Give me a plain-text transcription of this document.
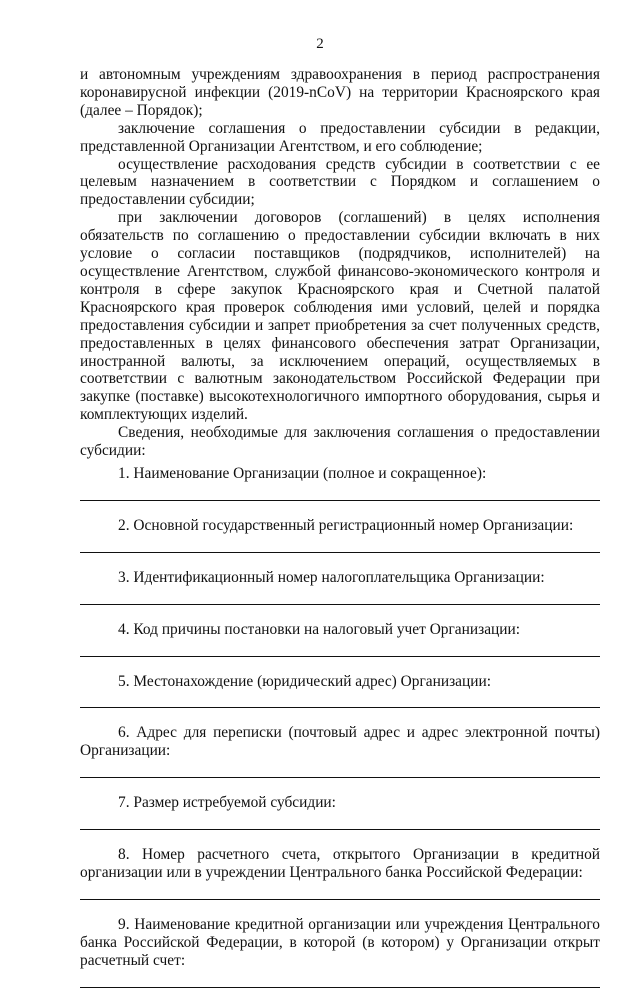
2

и автономным учреждениям здравоохранения в период распространения коронавирусной инфекции (2019-nCoV) на территории Красноярского края (далее – Порядок);

заключение соглашения о предоставлении субсидии в редакции, представленной Организации Агентством, и его соблюдение;

осуществление расходования средств субсидии в соответствии с ее целевым назначением в соответствии с Порядком и соглашением о предоставлении субсидии;

при заключении договоров (соглашений) в целях исполнения обязательств по соглашению о предоставлении субсидии включать в них условие о согласии поставщиков (подрядчиков, исполнителей) на осуществление Агентством, службой финансово-экономического контроля и контроля в сфере закупок Красноярского края и Счетной палатой Красноярского края проверок соблюдения ими условий, целей и порядка предоставления субсидии и запрет приобретения за счет полученных средств, предоставленных в целях финансового обеспечения затрат Организации, иностранной валюты, за исключением операций, осуществляемых в соответствии с валютным законодательством Российской Федерации при закупке (поставке) высокотехнологичного импортного оборудования, сырья и комплектующих изделий.

Сведения, необходимые для заключения соглашения о предоставлении субсидии:

1. Наименование Организации (полное и сокращенное):

2. Основной государственный регистрационный номер Организации:

3. Идентификационный номер налогоплательщика Организации:

4. Код причины постановки на налоговый учет Организации:

5. Местонахождение (юридический адрес) Организации:

6. Адрес для переписки (почтовый адрес и адрес электронной почты) Организации:

7. Размер истребуемой субсидии:

8. Номер расчетного счета, открытого Организации в кредитной организации или в учреждении Центрального банка Российской Федерации:

9. Наименование кредитной организации или учреждения Центрального банка Российской Федерации, в которой (в котором) у Организации открыт расчетный счет:
